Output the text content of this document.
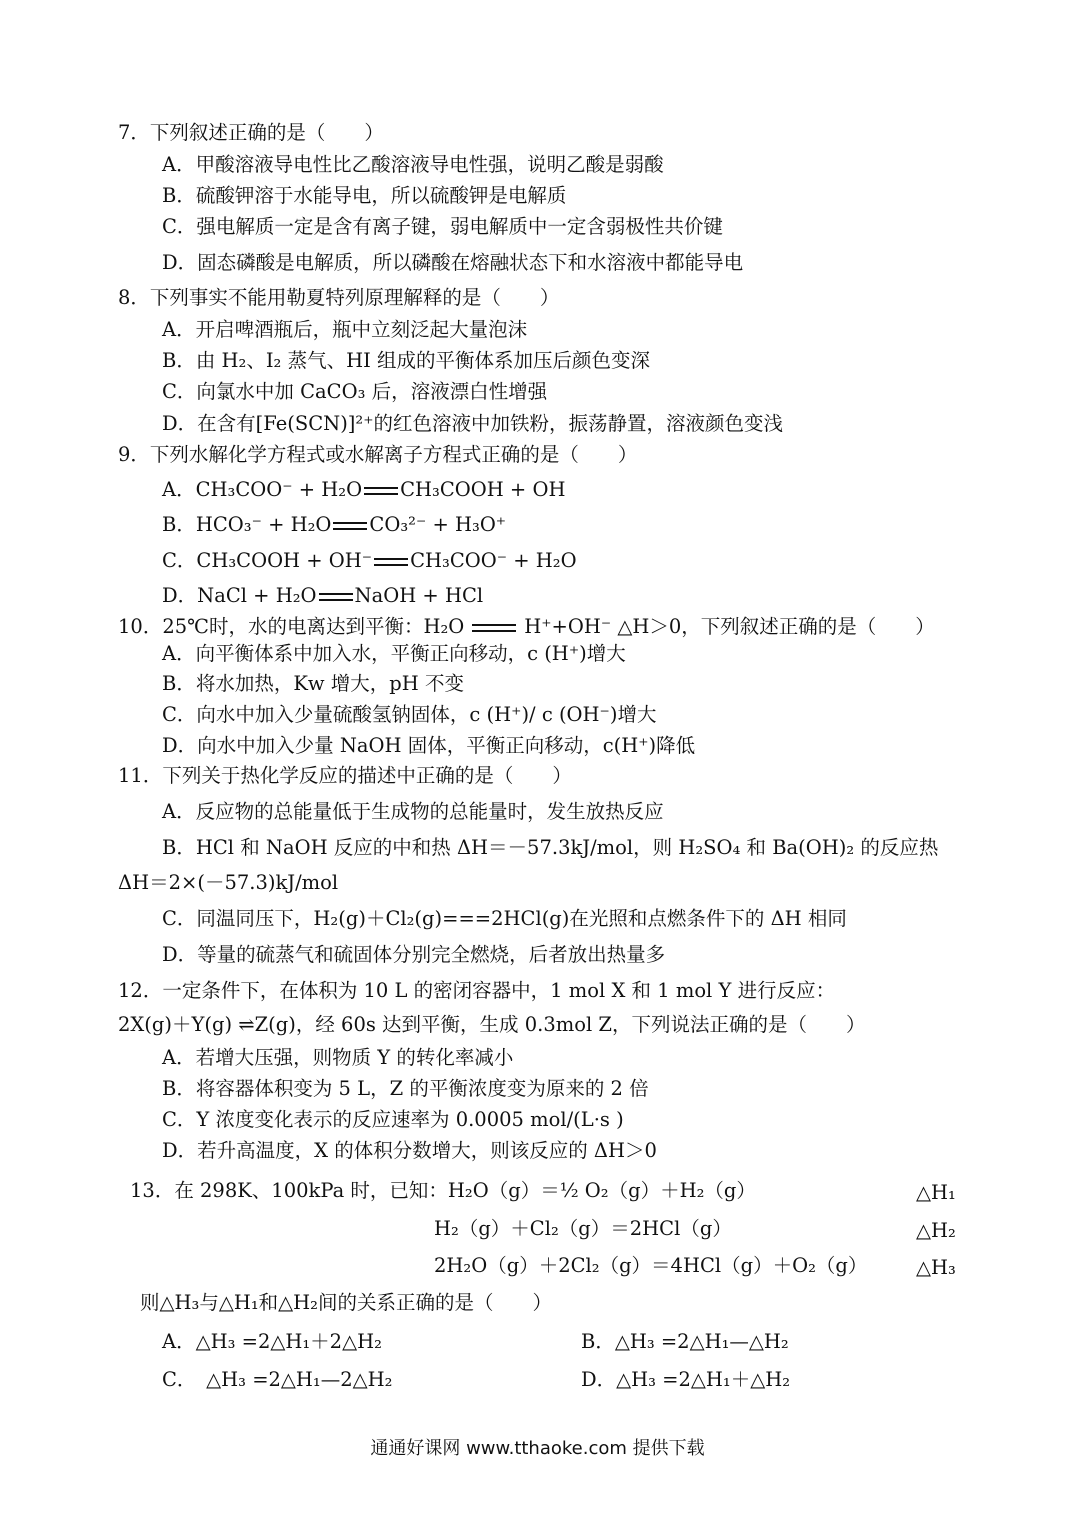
7．下列叙述正确的是（　　）
A．甲酸溶液导电性比乙酸溶液导电性强，说明乙酸是弱酸
B．硫酸钾溶于水能导电，所以硫酸钾是电解质
C．强电解质一定是含有离子键，弱电解质中一定含弱极性共价键
D．固态磷酸是电解质，所以磷酸在熔融状态下和水溶液中都能导电
8．下列事实不能用勒夏特列原理解释的是（　　）
A．开启啤酒瓶后，瓶中立刻泛起大量泡沫
B．由 H₂、I₂ 蒸气、HI 组成的平衡体系加压后颜色变深
C．向氯水中加 CaCO₃ 后，溶液漂白性增强
D．在含有[Fe(SCN)]²⁺的红色溶液中加铁粉，振荡静置，溶液颜色变浅
9．下列水解化学方程式或水解离子方程式正确的是（　　）
A．CH₃COO⁻ + H₂O CH₃COOH + OH
B．HCO₃⁻ + H₂O CO₃²⁻ + H₃O⁺
C．CH₃COOH + OH⁻ CH₃COO⁻ + H₂O
D．NaCl + H₂O NaOH + HCl
10．25℃时，水的电离达到平衡：H₂O	H⁺+OH⁻ △H＞0，下列叙述正确的是（　　）
A．向平衡体系中加入水，平衡正向移动，c (H⁺)增大
B．将水加热，Kw 增大，pH 不变
C．向水中加入少量硫酸氢钠固体，c (H⁺)/ c (OH⁻)增大
D．向水中加入少量 NaOH 固体，平衡正向移动，c(H⁺)降低
11．下列关于热化学反应的描述中正确的是（　　）
A．反应物的总能量低于生成物的总能量时，发生放热反应
B．HCl 和 NaOH 反应的中和热 ΔH＝－57.3kJ/mol，则 H₂SO₄ 和 Ba(OH)₂ 的反应热
ΔH＝2×(－57.3)kJ/mol
C．同温同压下，H₂(g)＋Cl₂(g)===2HCl(g)在光照和点燃条件下的 ΔH 相同
D．等量的硫蒸气和硫固体分别完全燃烧，后者放出热量多
12．一定条件下，在体积为 10 L 的密闭容器中，1 mol X 和 1 mol Y 进行反应：
2X(g)＋Y(g) ⇌Z(g)，经 60s 达到平衡，生成 0.3mol Z，下列说法正确的是（　　）
A．若增大压强，则物质 Y 的转化率减小
B．将容器体积变为 5 L，Z 的平衡浓度变为原来的 2 倍
C．Y 浓度变化表示的反应速率为 0.0005 mol/(L·s )
D．若升高温度，X 的体积分数增大，则该反应的 ΔH＞0
13．在 298K、100kPa 时，已知：H₂O（g）＝½ O₂（g）＋H₂（g）	△H₁
H₂（g）＋Cl₂（g）＝2HCl（g）	△H₂
2H₂O（g）＋2Cl₂（g）＝4HCl（g）＋O₂（g） △H₃
则△H₃与△H₁和△H₂间的关系正确的是（　　）
A．△H₃ =2△H₁＋2△H₂	B．△H₃ =2△H₁—△H₂
C．　△H₃ =2△H₁—2△H₂	D．△H₃ =2△H₁＋△H₂
通通好课网 www.tthaoke.com 提供下载
